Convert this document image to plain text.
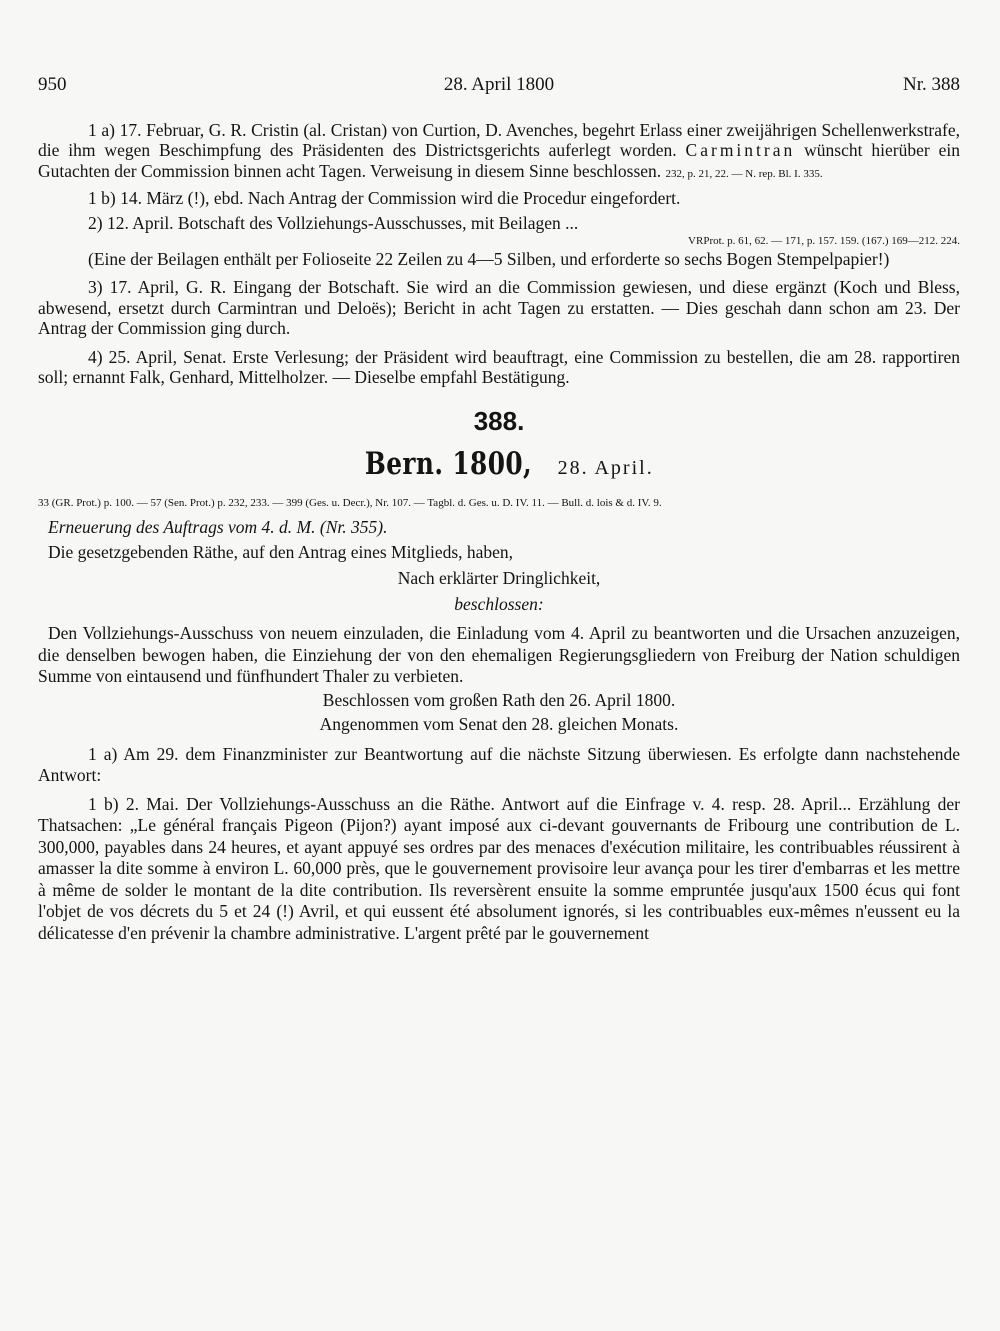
950	28. April 1800	Nr. 388

1 a) 17. Februar, G. R. Cristin (al. Cristan) von Curtion, D. Avenches, begehrt Erlass einer zweijährigen Schellenwerkstrafe, die ihm wegen Beschimpfung des Präsidenten des Districtsgerichts auferlegt worden. Carmintran wünscht hierüber ein Gutachten der Commission binnen acht Tagen. Verweisung in diesem Sinne beschlossen. 232, p. 21, 22. — N. rep. Bl. I. 335.

1 b) 14. März (!), ebd. Nach Antrag der Commission wird die Procedur eingefordert.

2) 12. April. Botschaft des Vollziehungs-Ausschusses, mit Beilagen ...

VRProt. p. 61, 62. — 171, p. 157. 159. (167.) 169—212. 224.

(Eine der Beilagen enthält per Folioseite 22 Zeilen zu 4—5 Silben, und erforderte so sechs Bogen Stempelpapier!)

3) 17. April, G. R. Eingang der Botschaft. Sie wird an die Commission gewiesen, und diese ergänzt (Koch und Bless, abwesend, ersetzt durch Carmintran und Deloës); Bericht in acht Tagen zu erstatten. — Dies geschah dann schon am 23. Der Antrag der Commission ging durch.

4) 25. April, Senat. Erste Verlesung; der Präsident wird beauftragt, eine Commission zu bestellen, die am 28. rapportiren soll; ernannt Falk, Genhard, Mittelholzer. — Dieselbe empfahl Bestätigung.

388.
Bern. 1800, 28. April.
33 (GR. Prot.) p. 100. — 57 (Sen. Prot.) p. 232, 233. — 399 (Ges. u. Decr.), Nr. 107. — Tagbl. d. Ges. u. D. IV. 11. — Bull. d. lois & d. IV. 9.

Erneuerung des Auftrags vom 4. d. M. (Nr. 355).

Die gesetzgebenden Räthe, auf den Antrag eines Mitglieds, haben,

Nach erklärter Dringlichkeit,

beschlossen:

Den Vollziehungs-Ausschuss von neuem einzuladen, die Einladung vom 4. April zu beantworten und die Ursachen anzuzeigen, die denselben bewogen haben, die Einziehung der von den ehemaligen Regierungsgliedern von Freiburg der Nation schuldigen Summe von eintausend und fünfhundert Thaler zu verbieten.

Beschlossen vom großen Rath den 26. April 1800.

Angenommen vom Senat den 28. gleichen Monats.

1 a) Am 29. dem Finanzminister zur Beantwortung auf die nächste Sitzung überwiesen. Es erfolgte dann nachstehende Antwort:

1 b) 2. Mai. Der Vollziehungs-Ausschuss an die Räthe. Antwort auf die Einfrage v. 4. resp. 28. April... Erzählung der Thatsachen: „Le général français Pigeon (Pijon?) ayant imposé aux ci-devant gouvernants de Fribourg une contribution de L. 300,000, payables dans 24 heures, et ayant appuyé ses ordres par des menaces d'exécution militaire, les contribuables réussirent à amasser la dite somme à environ L. 60,000 près, que le gouvernement provisoire leur avança pour les tirer d'embarras et les mettre à même de solder le montant de la dite contribution. Ils reversèrent ensuite la somme empruntée jusqu'aux 1500 écus qui font l'objet de vos décrets du 5 et 24 (!) Avril, et qui eussent été absolument ignorés, si les contribuables eux-mêmes n'eussent eu la délicatesse d'en prévenir la chambre administrative. L'argent prêté par le gouvernement
